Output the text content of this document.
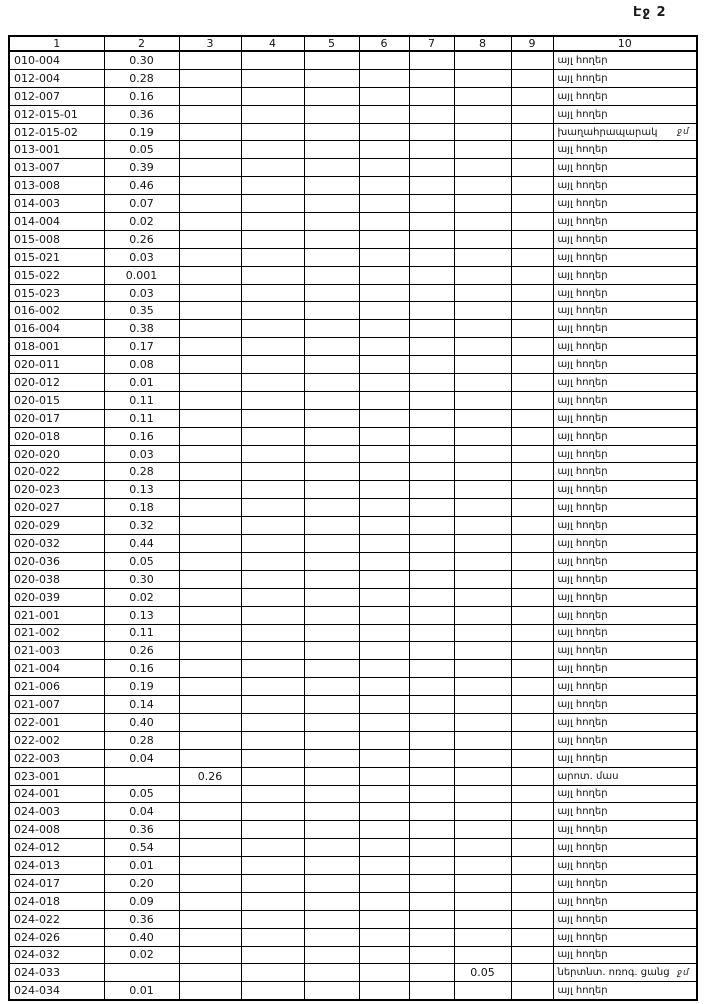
Էջ 2
1	2	3	4	5	6	7	8	9	10
010-004	0.30								այլ հողեր
012-004	0.28								այլ հողեր
012-007	0.16								այլ հողեր
012-015-01	0.36								այլ հողեր
012-015-02	0.19								խաղահրապարակ
013-001	0.05								այլ հողեր
013-007	0.39								այլ հողեր
013-008	0.46								այլ հողեր
014-003	0.07								այլ հողեր
014-004	0.02								այլ հողեր
015-008	0.26								այլ հողեր
015-021	0.03								այլ հողեր
015-022	0.001								այլ հողեր
015-023	0.03								այլ հողեր
016-002	0.35								այլ հողեր
016-004	0.38								այլ հողեր
018-001	0.17								այլ հողեր
020-011	0.08								այլ հողեր
020-012	0.01								այլ հողեր
020-015	0.11								այլ հողեր
020-017	0.11								այլ հողեր
020-018	0.16								այլ հողեր
020-020	0.03								այլ հողեր
020-022	0.28								այլ հողեր
020-023	0.13								այլ հողեր
020-027	0.18								այլ հողեր
020-029	0.32								այլ հողեր
020-032	0.44								այլ հողեր
020-036	0.05								այլ հողեր
020-038	0.30								այլ հողեր
020-039	0.02								այլ հողեր
021-001	0.13								այլ հողեր
021-002	0.11								այլ հողեր
021-003	0.26								այլ հողեր
021-004	0.16								այլ հողեր
021-006	0.19								այլ հողեր
021-007	0.14								այլ հողեր
022-001	0.40								այլ հողեր
022-002	0.28								այլ հողեր
022-003	0.04								այլ հողեր
023-001		0.26							արոտ. մաս
024-001	0.05								այլ հողեր
024-003	0.04								այլ հողեր
024-008	0.36								այլ հողեր
024-012	0.54								այլ հողեր
024-013	0.01								այլ հողեր
024-017	0.20								այլ հողեր
024-018	0.09								այլ հողեր
024-022	0.36								այլ հողեր
024-026	0.40								այլ հողեր
024-032	0.02								այլ հողեր
024-033							0.05		ներտնտ. ոռոգ. ցանց
024-034	0.01								այլ հողեր
ջմ
ջմ
